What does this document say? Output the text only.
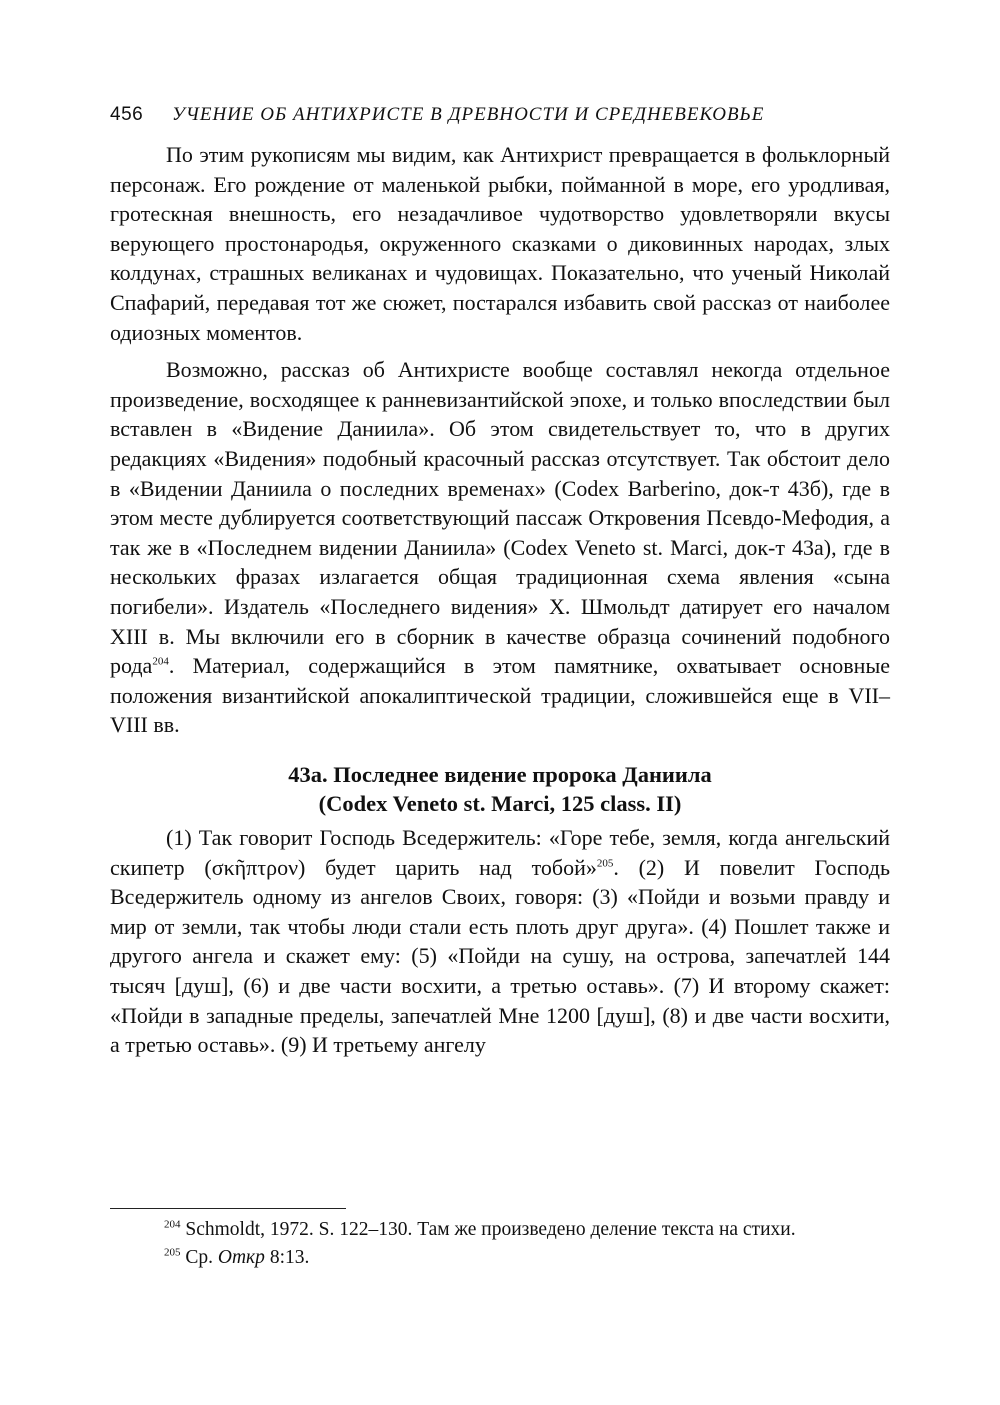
456 УЧЕНИЕ ОБ АНТИХРИСТЕ В ДРЕВНОСТИ И СРЕДНЕВЕКОВЬЕ

По этим рукописям мы видим, как Антихрист превращается в фольклорный персонаж. Его рождение от маленькой рыбки, пойманной в море, его уродливая, гротескная внешность, его незадачливое чудотворство удовлетворяли вкусы верующего простонародья, окруженного сказками о диковинных народах, злых колдунах, страшных великанах и чудовищах. Показательно, что ученый Николай Спафарий, передавая тот же сюжет, постарался избавить свой рассказ от наиболее одиозных моментов.

Возможно, рассказ об Антихристе вообще составлял некогда отдельное произведение, восходящее к ранневизантийской эпохе, и только впоследствии был вставлен в «Видение Даниила». Об этом свидетельствует то, что в других редакциях «Видения» подобный красочный рассказ отсутствует. Так обстоит дело в «Видении Даниила о последних временах» (Codex Barberino, док-т 43б), где в этом месте дублируется соответствующий пассаж Откровения Псевдо-Мефодия, а так же в «Последнем видении Даниила» (Codex Veneto st. Marci, док-т 43а), где в нескольких фразах излагается общая традиционная схема явления «сына погибели». Издатель «Последнего видения» Х. Шмольдт датирует его началом XIII в. Мы включили его в сборник в качестве образца сочинений подобного рода$^{204}$. Материал, содержащийся в этом памятнике, охватывает основные положения византийской апокалиптической традиции, сложившейся еще в VII–VIII вв.

43а. Последнее видение пророка Даниила
(Codex Veneto st. Marci, 125 class. II)

(1) Так говорит Господь Вседержитель: «Горе тебе, земля, когда ангельский скипетр (σκῆπτρον) будет царить над тобой»$^{205}$. (2) И повелит Господь Вседержитель одному из ангелов Своих, говоря: (3) «Пойди и возьми правду и мир от земли, так чтобы люди стали есть плоть друг друга». (4) Пошлет также и другого ангела и скажет ему: (5) «Пойди на сушу, на острова, запечатлей 144 тысяч [душ], (6) и две части восхити, а третью оставь». (7) И второму скажет: «Пойди в западные пределы, запечатлей Мне 1200 [душ], (8) и две части восхити, а третью оставь». (9) И третьему ангелу

$^{204}$ Schmoldt, 1972. S. 122–130. Там же произведено деление текста на стихи.

$^{205}$ Ср. Откр 8:13.
